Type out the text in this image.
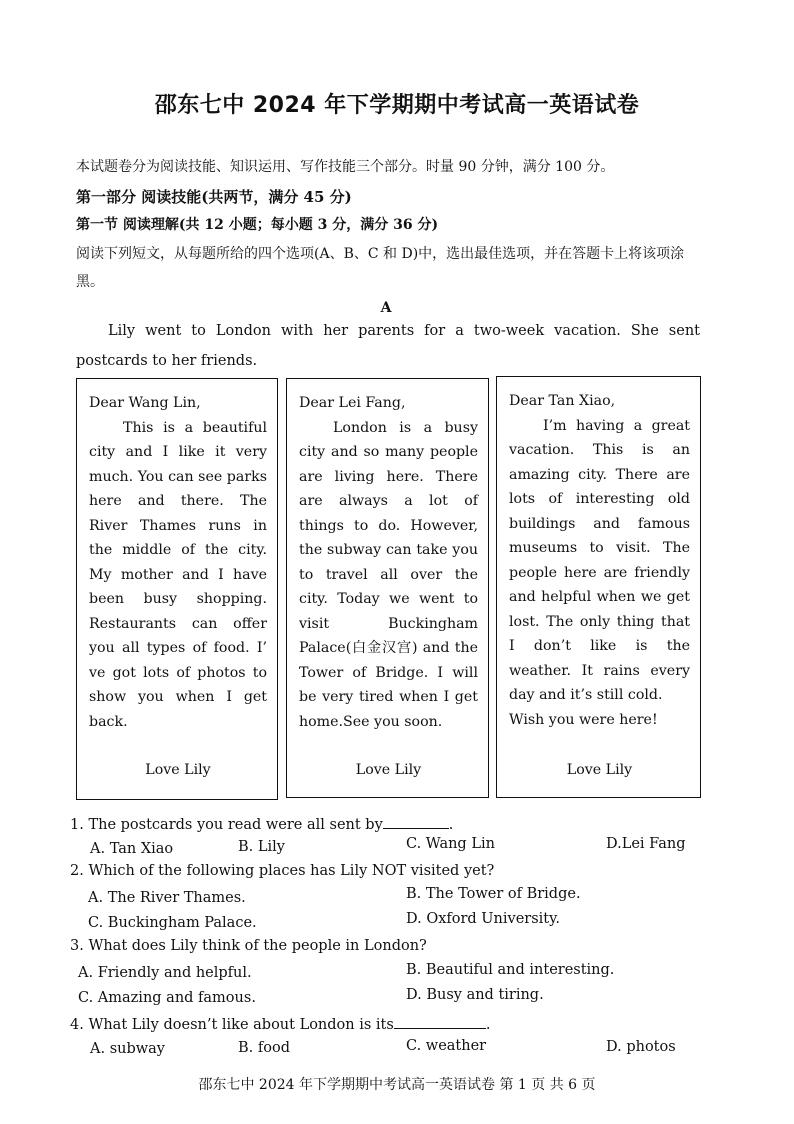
邵东七中 2024 年下学期期中考试高一英语试卷
本试题卷分为阅读技能、知识运用、写作技能三个部分。时量 90 分钟，满分 100 分。
第一部分 阅读技能(共两节，满分 45 分)
第一节 阅读理解(共 12 小题；每小题 3 分，满分 36 分)
阅读下列短文，从每题所给的四个选项(A、B、C 和 D)中，选出最佳选项，并在答题卡上将该项涂黑。
A
Lily went to London with her parents for a two-week vacation. She sent postcards to her friends.
Dear Wang Lin,
This is a beautiful city and I like it very much. You can see parks here and there. The River Thames runs in the middle of the city. My mother and I have been busy shopping. Restaurants can offer you all types of food. I’ ve got lots of photos to show you when I get back.
Love Lily
Dear Lei Fang,
London is a busy city and so many people are living here. There are always a lot of things to do. However, the subway can take you to travel all over the city. Today we went to visit Buckingham Palace(白金汉宫) and the Tower of Bridge. I will be very tired when I get home.See you soon.
Love Lily
Dear Tan Xiao,
I’m having a great vacation. This is an amazing city. There are lots of interesting old buildings and famous museums to visit. The people here are friendly and helpful when we get lost. The only thing that I don’t like is the weather. It rains every day and it’s still cold.
Wish you were here!
Love Lily
1. The postcards you read were all sent by	.
A. Tan Xiao	B. Lily	C. Wang Lin	D.Lei Fang
2. Which of the following places has Lily NOT visited yet?
A. The River Thames.	B. The Tower of Bridge.
C. Buckingham Palace.	D. Oxford University.
3. What does Lily think of the people in London?
A. Friendly and helpful.	B. Beautiful and interesting.
C. Amazing and famous.	D. Busy and tiring.
4. What Lily doesn’t like about London is its	.
A. subway	B. food	C. weather	D. photos
邵东七中 2024 年下学期期中考试高一英语试卷 第 1 页 共 6 页
